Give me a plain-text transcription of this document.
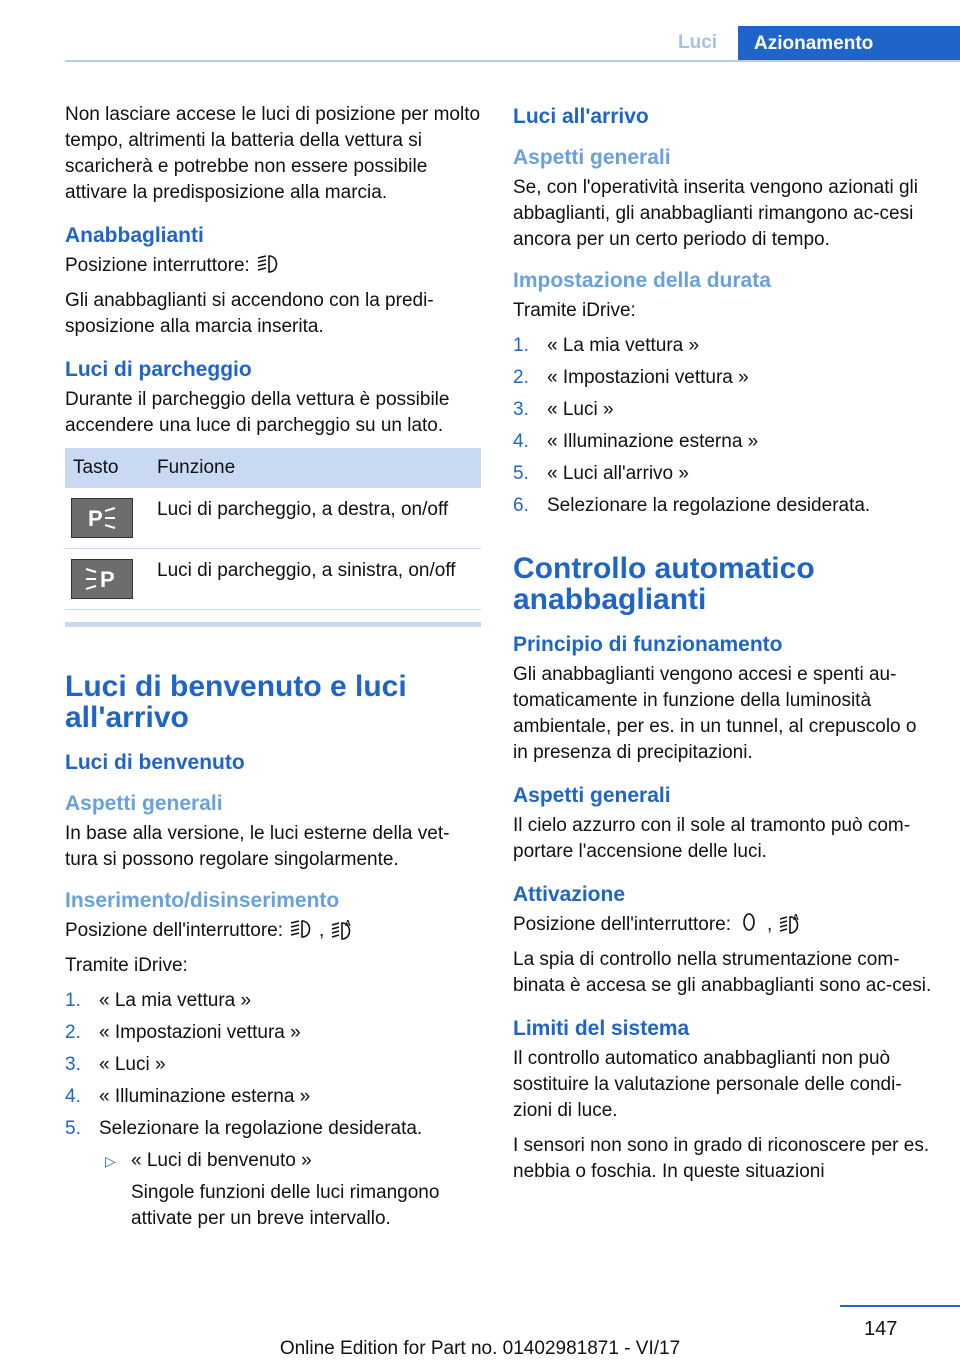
Luci	Azionamento

Non lasciare accese le luci di posizione per molto tempo, altrimenti la batteria della vettura si scaricherà e potrebbe non essere possibile attivare la predisposizione alla marcia.

Anabbaglianti

Posizione interruttore:

Gli anabbaglianti si accendono con la predi-sposizione alla marcia inserita.

Luci di parcheggio

Durante il parcheggio della vettura è possibile accendere una luce di parcheggio su un lato.

Tasto	Funzione

P	Luci di parcheggio, a destra, on/off

P	Luci di parcheggio, a sinistra, on/off
Luci di benvenuto e luci all'arrivo
Luci di benvenuto
Aspetti generali

In base alla versione, le luci esterne della vet-tura si possono regolare singolarmente.

Inserimento/disinserimento

Posizione dell'interruttore: ,	A

Tramite iDrive:

1. « La mia vettura »
2. « Impostazioni vettura »
3. « Luci »
4. « Illuminazione esterna »
5. Selezionare la regolazione desiderata.
▷ « Luci di benvenuto »
Singole funzioni delle luci rimangono attivate per un breve intervallo.
Luci all'arrivo
Aspetti generali

Se, con l'operatività inserita vengono azionati gli abbaglianti, gli anabbaglianti rimangono ac-cesi ancora per un certo periodo di tempo.

Impostazione della durata

Tramite iDrive:

1. « La mia vettura »
2. « Impostazioni vettura »
3. « Luci »
4. « Illuminazione esterna »
5. « Luci all'arrivo »
6. Selezionare la regolazione desiderata.
Controllo automatico anabbaglianti
Principio di funzionamento

Gli anabbaglianti vengono accesi e spenti au-tomaticamente in funzione della luminosità ambientale, per es. in un tunnel, al crepuscolo o in presenza di precipitazioni.

Aspetti generali

Il cielo azzurro con il sole al tramonto può com-portare l'accensione delle luci.

Attivazione

Posizione dell'interruttore: ,	A

La spia di controllo nella strumentazione com-binata è accesa se gli anabbaglianti sono ac-cesi.

Limiti del sistema

Il controllo automatico anabbaglianti non può sostituire la valutazione personale delle condi-zioni di luce.

I sensori non sono in grado di riconoscere per es. nebbia o foschia. In queste situazioni

147
Online Edition for Part no. 01402981871 - VI/17
